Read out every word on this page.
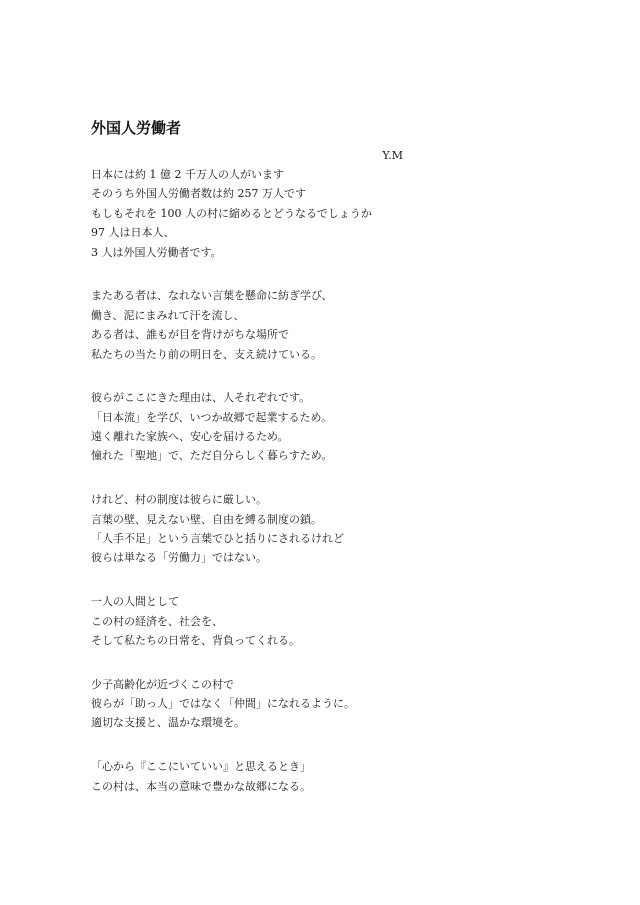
外国人労働者

Y.M

日本には約 1 億 2 千万人の人がいます
そのうち外国人労働者数は約 257 万人です
もしもそれを 100 人の村に縮めるとどうなるでしょうか
97 人は日本人、
3 人は外国人労働者です。
またある者は、なれない言葉を懸命に紡ぎ学び、
働き、泥にまみれて汗を流し、
ある者は、誰もが目を背けがちな場所で
私たちの当たり前の明日を、支え続けている。
彼らがここにきた理由は、人それぞれです。
「日本流」を学び、いつか故郷で起業するため。
遠く離れた家族へ、安心を届けるため。
憧れた「聖地」で、ただ自分らしく暮らすため。
けれど、村の制度は彼らに厳しい。
言葉の壁、見えない壁、自由を縛る制度の鎖。
「人手不足」という言葉でひと括りにされるけれど
彼らは単なる「労働力」ではない。
一人の人間として
この村の経済を、社会を、
そして私たちの日常を、背負ってくれる。
少子高齢化が近づくこの村で
彼らが「助っ人」ではなく「仲間」になれるように。
適切な支援と、温かな環境を。
「心から『ここにいていい』と思えるとき」
この村は、本当の意味で豊かな故郷になる。
